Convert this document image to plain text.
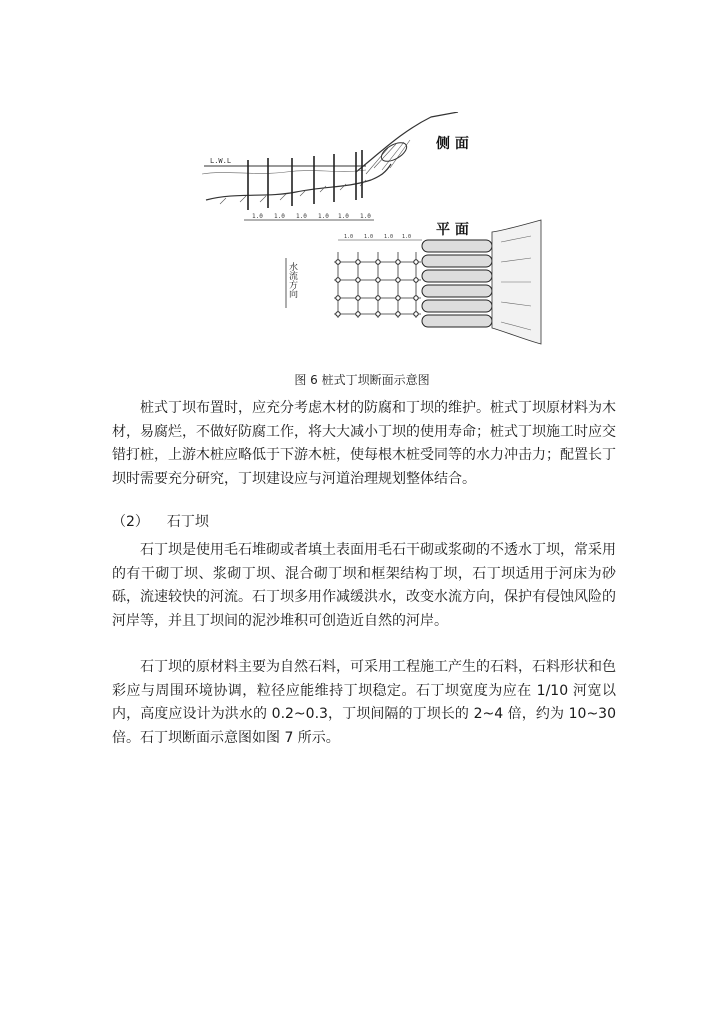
L.W.L
1.0 1.0 1.0 1.0 1.0 1.0
侧 面
平 面
水流方向
1.0 1.0 1.0 1.0
图 6 桩式丁坝断面示意图

桩式丁坝布置时，应充分考虑木材的防腐和丁坝的维护。桩式丁坝原材料为木材，易腐烂，不做好防腐工作，将大大减小丁坝的使用寿命；桩式丁坝施工时应交错打桩，上游木桩应略低于下游木桩，使每根木桩受同等的水力冲击力；配置长丁坝时需要充分研究，丁坝建设应与河道治理规划整体结合。

（2） 石丁坝

石丁坝是使用毛石堆砌或者填土表面用毛石干砌或浆砌的不透水丁坝，常采用的有干砌丁坝、浆砌丁坝、混合砌丁坝和框架结构丁坝，石丁坝适用于河床为砂砾，流速较快的河流。石丁坝多用作减缓洪水，改变水流方向，保护有侵蚀风险的河岸等，并且丁坝间的泥沙堆积可创造近自然的河岸。

石丁坝的原材料主要为自然石料，可采用工程施工产生的石料，石料形状和色彩应与周围环境协调，粒径应能维持丁坝稳定。石丁坝宽度为应在 1/10 河宽以内，高度应设计为洪水的 0.2~0.3，丁坝间隔的丁坝长的 2~4 倍，约为 10~30 倍。石丁坝断面示意图如图 7 所示。
